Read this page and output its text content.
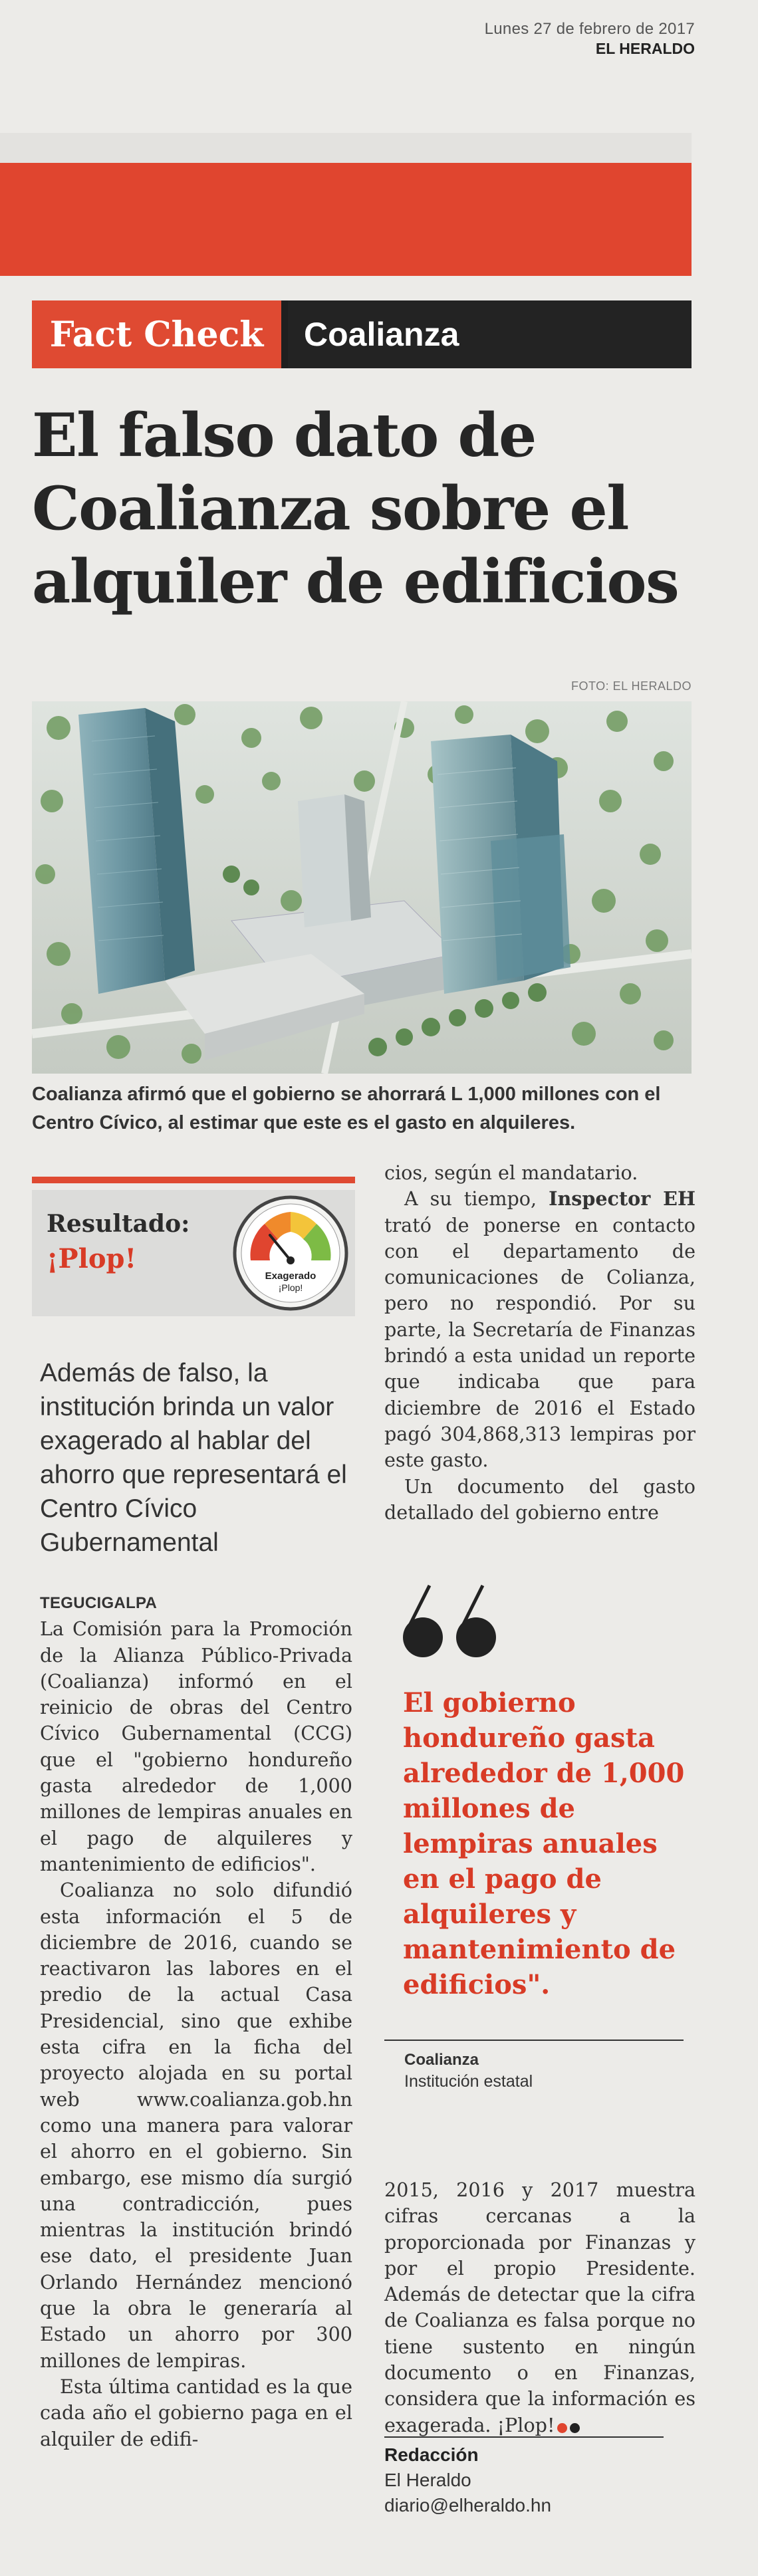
Lunes 27 de febrero de 2017
EL HERALDO
Fact Check	Coalianza
El falso dato de Coalianza sobre el alquiler de edificios
FOTO: EL HERALDO
Coalianza afirmó que el gobierno se ahorrará L 1,000 millones con el Centro Cívico, al estimar que este es el gasto en alquileres.
Resultado:
¡Plop!
Exagerado
¡Plop!
Además de falso, la institución brinda un valor exagerado al hablar del ahorro que representará el Centro Cívico Gubernamental

TEGUCIGALPA

La Comisión para la Promoción de la Alianza Público-Privada (Coalianza) informó en el reinicio de obras del Centro Cívico Gubernamental (CCG) que el "gobierno hondureño gasta alrededor de 1,000 millones de lempiras anuales en el pago de alquileres y mantenimiento de edificios".

Coalianza no solo difundió esta información el 5 de diciembre de 2016, cuando se reactivaron las labores en el predio de la actual Casa Presidencial, sino que exhibe esta cifra en la ficha del proyecto alojada en su portal web www.coalianza.gob.hn como una manera para valorar el ahorro en el gobierno. Sin embargo, ese mismo día surgió una contradicción, pues mientras la institución brindó ese dato, el presidente Juan Orlando Hernández mencionó que la obra le generaría al Estado un ahorro por 300 millones de lempiras.

Esta última cantidad es la que cada año el gobierno paga en el alquiler de edifi-

cios, según el mandatario.

A su tiempo, Inspector EH trató de ponerse en contacto con el departamento de comunicaciones de Colianza, pero no respondió. Por su parte, la Secretaría de Finanzas brindó a esta unidad un reporte que indicaba que para diciembre de 2016 el Estado pagó 304,868,313 lempiras por este gasto.

Un documento del gasto detallado del gobierno entre

El gobierno hondureño gasta alrededor de 1,000 millones de lempiras anuales en el pago de alquileres y mantenimiento de edificios".
Coalianza
Institución estatal

2015, 2016 y 2017 muestra cifras cercanas a la proporcionada por Finanzas y por el propio Presidente. Además de detectar que la cifra de Coalianza es falsa porque no tiene sustento en ningún documento o en Finanzas, considera que la información es exagerada. ¡Plop!

Redacción
El Heraldo
diario@elheraldo.hn
